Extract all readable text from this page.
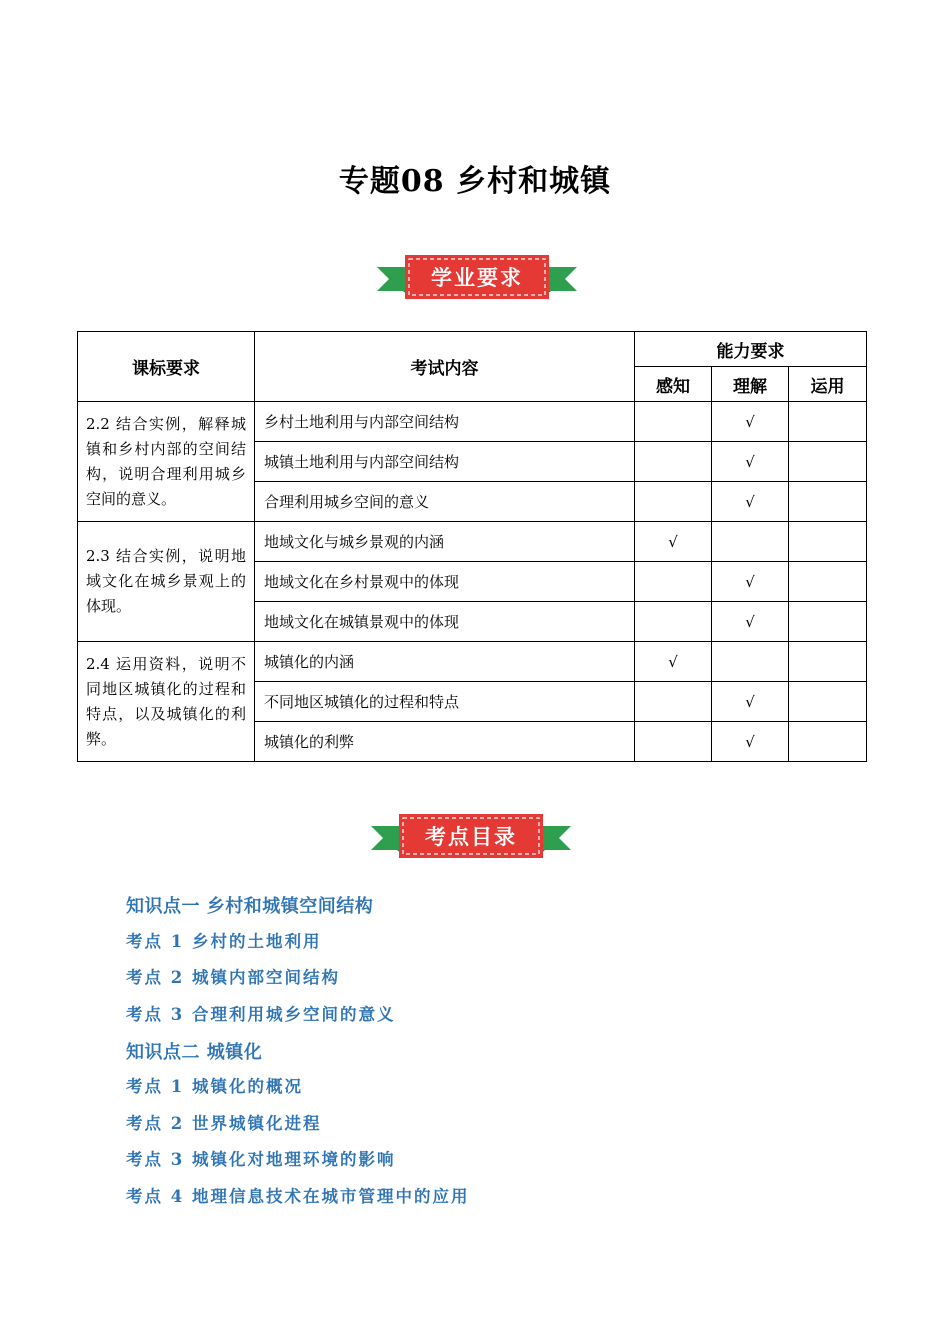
专题08 乡村和城镇
学业要求
课标要求	考试内容	能力要求		
		感知	理解	运用
2.2 结合实例，解释城镇和乡村内部的空间结构，说明合理利用城乡空间的意义。	乡村土地利用与内部空间结构		√	
	城镇土地利用与内部空间结构		√	
	合理利用城乡空间的意义		√	
2.3 结合实例，说明地域文化在城乡景观上的体现。	地域文化与城乡景观的内涵	√		
	地域文化在乡村景观中的体现		√	
	地域文化在城镇景观中的体现		√	
2.4 运用资料，说明不同地区城镇化的过程和特点，以及城镇化的利弊。	城镇化的内涵	√		
	不同地区城镇化的过程和特点		√	
	城镇化的利弊		√	
考点目录
知识点一 乡村和城镇空间结构
考点 1 乡村的土地利用
考点 2 城镇内部空间结构
考点 3 合理利用城乡空间的意义
知识点二 城镇化
考点 1 城镇化的概况
考点 2 世界城镇化进程
考点 3 城镇化对地理环境的影响
考点 4 地理信息技术在城市管理中的应用
